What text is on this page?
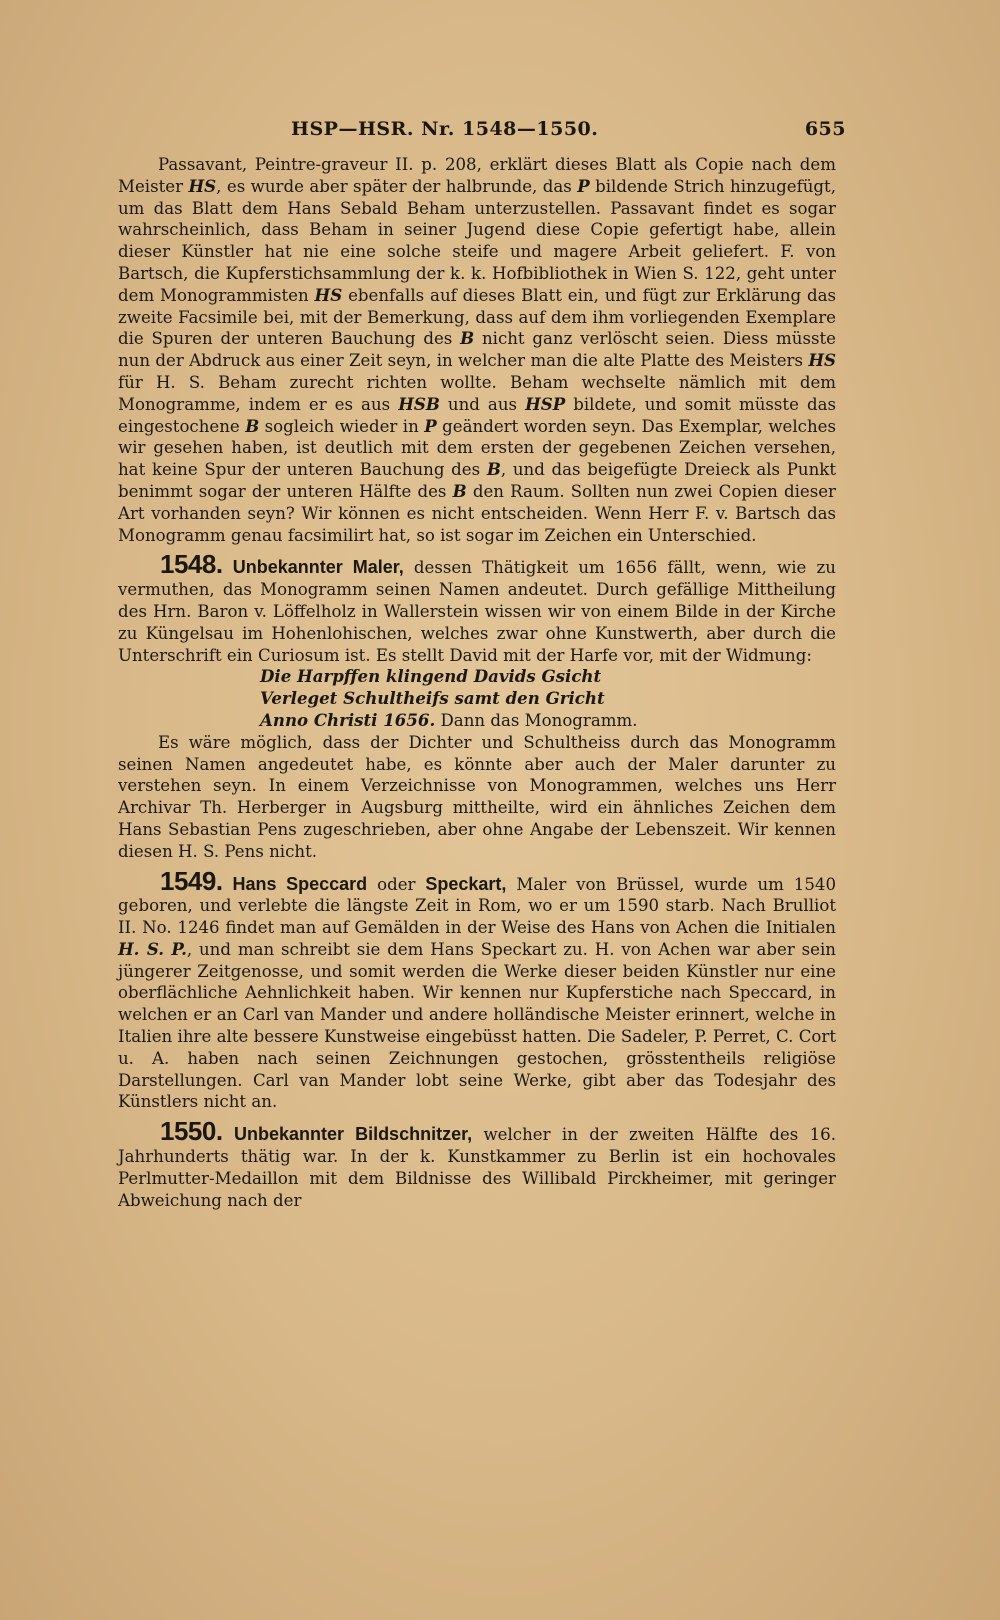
HSP—HSR. Nr. 1548—1550.	655

Passavant, Peintre-graveur II. p. 208, erklärt dieses Blatt als Copie nach dem Meister HS, es wurde aber später der halbrunde, das P bildende Strich hinzugefügt, um das Blatt dem Hans Sebald Beham unterzustellen. Passavant findet es sogar wahrscheinlich, dass Beham in seiner Jugend diese Copie gefertigt habe, allein dieser Künstler hat nie eine solche steife und magere Arbeit geliefert. F. von Bartsch, die Kupferstichsammlung der k. k. Hofbibliothek in Wien S. 122, geht unter dem Monogrammisten HS ebenfalls auf dieses Blatt ein, und fügt zur Erklärung das zweite Facsimile bei, mit der Bemerkung, dass auf dem ihm vorliegenden Exemplare die Spuren der unteren Bauchung des B nicht ganz verlöscht seien. Diess müsste nun der Abdruck aus einer Zeit seyn, in welcher man die alte Platte des Meisters HS für H. S. Beham zurecht richten wollte. Beham wechselte nämlich mit dem Monogramme, indem er es aus HSB und aus HSP bildete, und somit müsste das eingestochene B sogleich wieder in P geändert worden seyn. Das Exemplar, welches wir gesehen haben, ist deutlich mit dem ersten der gegebenen Zeichen versehen, hat keine Spur der unteren Bauchung des B, und das beigefügte Dreieck als Punkt benimmt sogar der unteren Hälfte des B den Raum. Sollten nun zwei Copien dieser Art vorhanden seyn? Wir können es nicht entscheiden. Wenn Herr F. v. Bartsch das Monogramm genau facsimilirt hat, so ist sogar im Zeichen ein Unterschied.

1548. Unbekannter Maler, dessen Thätigkeit um 1656 fällt, wenn, wie zu vermuthen, das Monogramm seinen Namen andeutet. Durch gefällige Mittheilung des Hrn. Baron v. Löffelholz in Wallerstein wissen wir von einem Bilde in der Kirche zu Küngelsau im Hohenlohischen, welches zwar ohne Kunstwerth, aber durch die Unterschrift ein Curiosum ist. Es stellt David mit der Harfe vor, mit der Widmung:

Die Harpffen klingend Davids Gsicht

Verleget Schultheifs samt den Gricht

Anno Christi 1656. Dann das Monogramm.

Es wäre möglich, dass der Dichter und Schultheiss durch das Monogramm seinen Namen angedeutet habe, es könnte aber auch der Maler darunter zu verstehen seyn. In einem Verzeichnisse von Monogrammen, welches uns Herr Archivar Th. Herberger in Augsburg mittheilte, wird ein ähnliches Zeichen dem Hans Sebastian Pens zugeschrieben, aber ohne Angabe der Lebenszeit. Wir kennen diesen H. S. Pens nicht.

1549. Hans Speccard oder Speckart, Maler von Brüssel, wurde um 1540 geboren, und verlebte die längste Zeit in Rom, wo er um 1590 starb. Nach Brulliot II. No. 1246 findet man auf Gemälden in der Weise des Hans von Achen die Initialen H. S. P., und man schreibt sie dem Hans Speckart zu. H. von Achen war aber sein jüngerer Zeitgenosse, und somit werden die Werke dieser beiden Künstler nur eine oberflächliche Aehnlichkeit haben. Wir kennen nur Kupferstiche nach Speccard, in welchen er an Carl van Mander und andere holländische Meister erinnert, welche in Italien ihre alte bessere Kunstweise eingebüsst hatten. Die Sadeler, P. Perret, C. Cort u. A. haben nach seinen Zeichnungen gestochen, grösstentheils religiöse Darstellungen. Carl van Mander lobt seine Werke, gibt aber das Todesjahr des Künstlers nicht an.

1550. Unbekannter Bildschnitzer, welcher in der zweiten Hälfte des 16. Jahrhunderts thätig war. In der k. Kunstkammer zu Berlin ist ein hochovales Perlmutter-Medaillon mit dem Bildnisse des Willibald Pirckheimer, mit geringer Abweichung nach der
